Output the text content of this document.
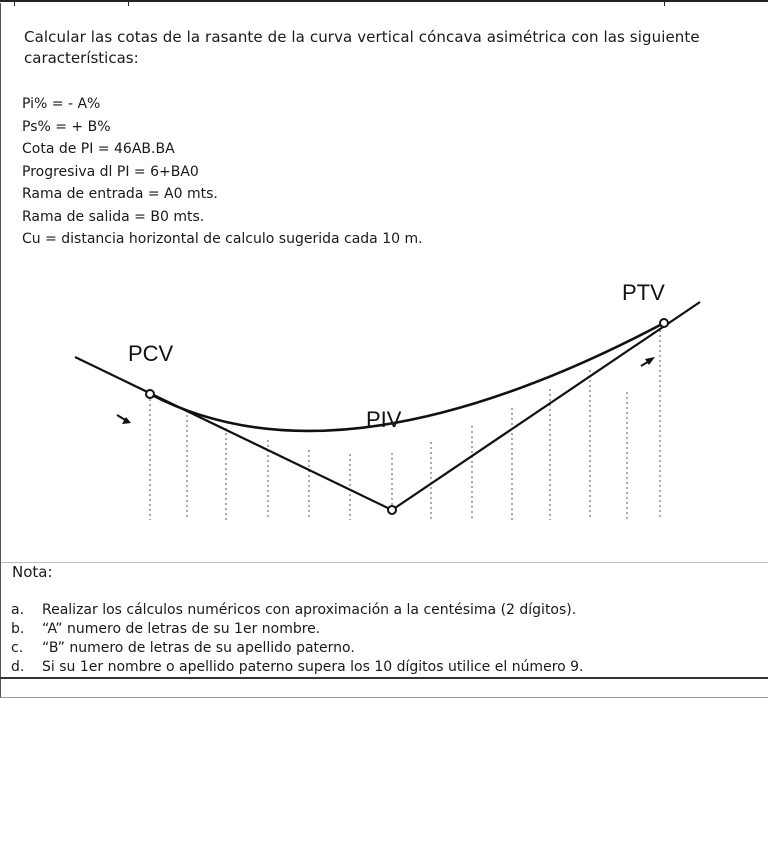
Calcular las cotas de la rasante de la curva vertical cóncava asimétrica con las siguiente
características:

Pi% = - A%
Ps% = + B%
Cota de PI = 46AB.BA
Progresiva dl PI = 6+BA0
Rama de entrada = A0 mts.
Rama de salida = B0 mts.
Cu = distancia horizontal de calculo sugerida cada 10 m.
PCV
PIV
PTV
Nota:
a. Realizar los cálculos numéricos con aproximación a la centésima (2 dígitos).
b. “A” numero de letras de su 1er nombre.
c. “B” numero de letras de su apellido paterno.
d. Si su 1er nombre o apellido paterno supera los 10 dígitos utilice el número 9.
